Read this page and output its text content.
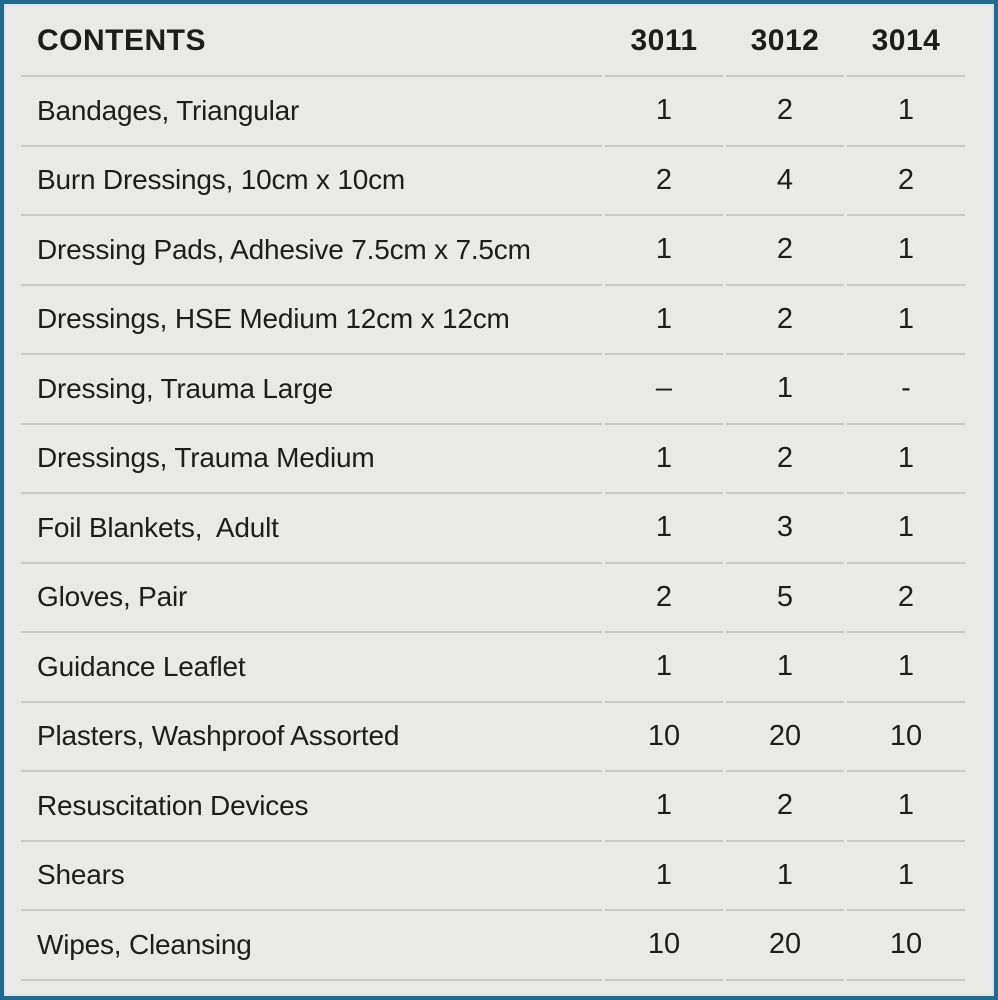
CONTENTS	3011	3012	3014
Bandages, Triangular	1	2	1
Burn Dressings, 10cm x 10cm	2	4	2
Dressing Pads, Adhesive 7.5cm x 7.5cm	1	2	1
Dressings, HSE Medium 12cm x 12cm	1	2	1
Dressing, Trauma Large	–	1	-
Dressings, Trauma Medium	1	2	1
Foil Blankets,  Adult	1	3	1
Gloves, Pair	2	5	2
Guidance Leaflet	1	1	1
Plasters, Washproof Assorted	10	20	10
Resuscitation Devices	1	2	1
Shears	1	1	1
Wipes, Cleansing	10	20	10
